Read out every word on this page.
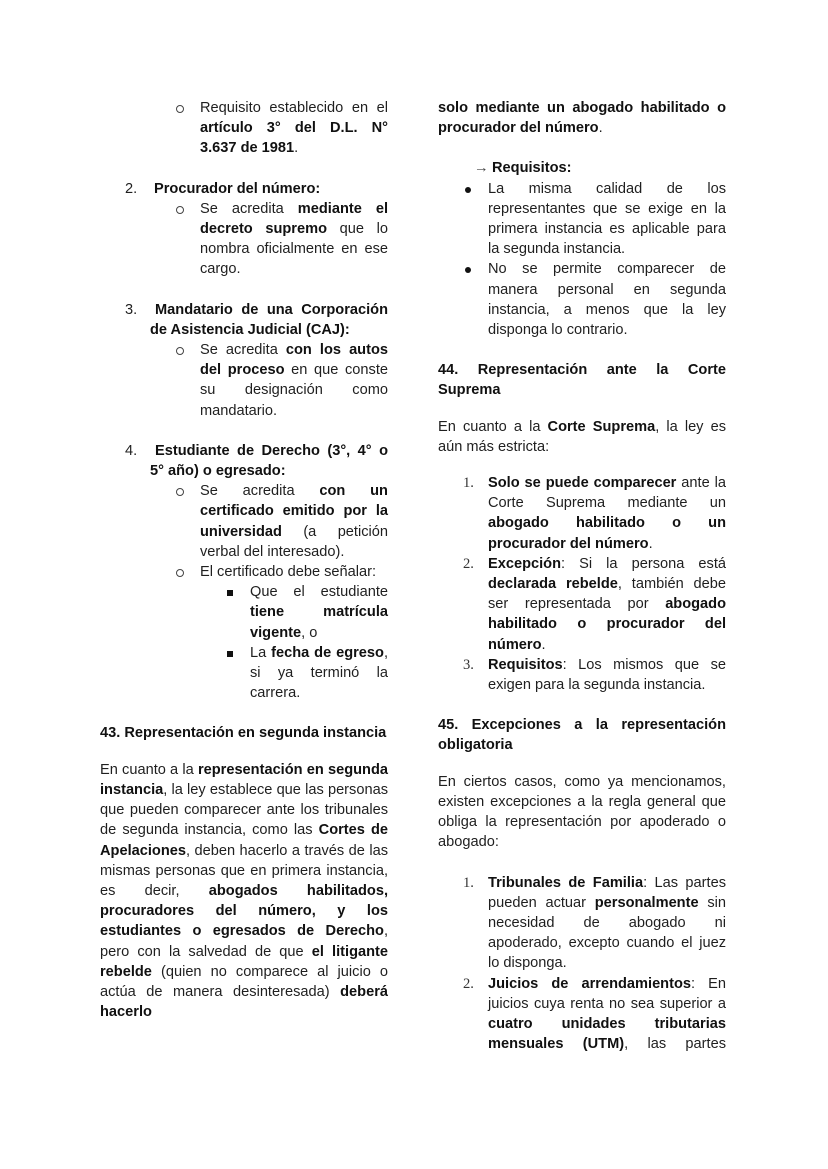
Requisito establecido en el artículo 3° del D.L. N° 3.637 de 1981.

2. Procurador del número:

Se acredita mediante el decreto supremo que lo nombra oficialmente en ese cargo.

3.	Mandatario de una Corporación de Asistencia Judicial (CAJ):

Se acredita con los autos del proceso en que conste su designación como mandatario.

4.	Estudiante de Derecho (3°, 4° o 5° año) o egresado:

Se acredita con un certificado emitido por la universidad (a petición verbal del interesado).

El certificado debe señalar:

Que el estudiante tiene matrícula vigente, o

La fecha de egreso, si ya terminó la carrera.

43. Representación en segunda instancia

En cuanto a la representación en segunda instancia, la ley establece que las personas que pueden comparecer ante los tribunales de segunda instancia, como las Cortes de Apelaciones, deben hacerlo a través de las mismas personas que en primera instancia, es decir, abogados habilitados, procuradores del número, y los estudiantes o egresados de Derecho, pero con la salvedad de que el litigante rebelde (quien no comparece al juicio o actúa de manera desinteresada) deberá hacerlo

solo mediante un abogado habilitado o procurador del número.

→ Requisitos:

La misma calidad de los representantes que se exige en la primera instancia es aplicable para la segunda instancia.

No se permite comparecer de manera personal en segunda instancia, a menos que la ley disponga lo contrario.

44. Representación ante la Corte Suprema

En cuanto a la Corte Suprema, la ley es aún más estricta:

1. Solo se puede comparecer ante la Corte Suprema mediante un abogado habilitado o un procurador del número.

2. Excepción: Si la persona está declarada rebelde, también debe ser representada por abogado habilitado o procurador del número.

3. Requisitos: Los mismos que se exigen para la segunda instancia.

45. Excepciones a la representación obligatoria

En ciertos casos, como ya mencionamos, existen excepciones a la regla general que obliga la representación por apoderado o abogado:

1. Tribunales de Familia: Las partes pueden actuar personalmente sin necesidad de abogado ni apoderado, excepto cuando el juez lo disponga.

2. Juicios de arrendamientos: En juicios cuya renta no sea superior a cuatro unidades tributarias mensuales (UTM), las partes
